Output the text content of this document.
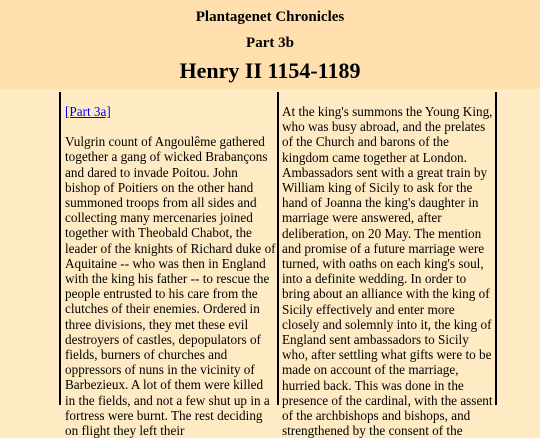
Plantagenet Chronicles
Part 3b
Henry II 1154-1189
[Part 3a]

Vulgrin count of Angoulême gathered together a gang of wicked Brabançons and dared to invade Poitou. John bishop of Poitiers on the other hand summoned troops from all sides and collecting many mercenaries joined together with Theobald Chabot, the leader of the knights of Richard duke of Aquitaine -- who was then in England with the king his father -- to rescue the people entrusted to his care from the clutches of their enemies. Ordered in three divisions, they met these evil destroyers of castles, depopulators of fields, burners of churches and oppressors of nuns in the vicinity of Barbezieux. A lot of them were killed in the fields, and not a few shut up in a fortress were burnt. The rest deciding on flight they left their

At the king's summons the Young King, who was busy abroad, and the prelates of the Church and barons of the kingdom came together at London. Ambassadors sent with a great train by William king of Sicily to ask for the hand of Joanna the king's daughter in marriage were answered, after deliberation, on 20 May. The mention and promise of a future marriage were turned, with oaths on each king's soul, into a definite wedding. In order to bring about an alliance with the king of Sicily effectively and enter more closely and solemnly into it, the king of England sent ambassadors to Sicily who, after settling what gifts were to be made on account of the marriage, hurried back. This was done in the presence of the cardinal, with the assent of the archbishops and bishops, and strengthened by the consent of the
